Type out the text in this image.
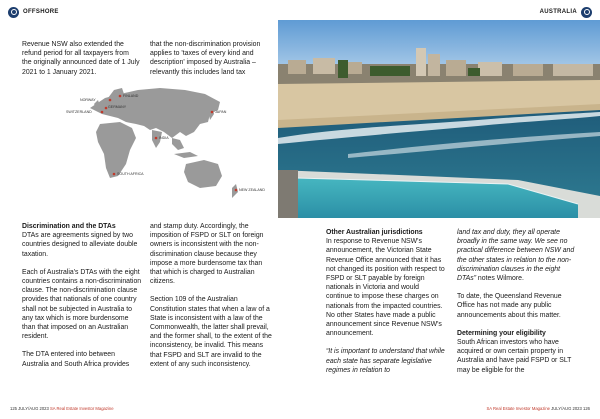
OFFSHORE	AUSTRALIA

Revenue NSW also extended the refund period for all taxpayers from the originally announced date of 1 July 2021 to 1 January 2021.

that the non-discrimination provision applies to 'taxes of every kind and description' imposed by Australia – relevantly this includes land tax

NORWAY
FINLAND
GERMANY
SWITZERLAND	JAPAN
INDIA
SOUTH AFRICA
NEW ZEALAND

Discrimination and the DTAs
DTAs are agreements signed by two countries designed to alleviate double taxation.

Each of Australia's DTAs with the eight countries contains a non-discrimination clause. The non-discrimination clause provides that nationals of one country shall not be subjected in Australia to any tax which is more burdensome than that imposed on an Australian resident.

The DTA entered into between Australia and South Africa provides

and stamp duty. Accordingly, the imposition of FSPD or SLT on foreign owners is inconsistent with the non-discrimination clause because they impose a more burdensome tax than that which is charged to Australian citizens.

Section 109 of the Australian Constitution states that when a law of a State is inconsistent with a law of the Commonwealth, the latter shall prevail, and the former shall, to the extent of the inconsistency, be invalid. This means that FSPD and SLT are invalid to the extent of any such inconsistency.

Other Australian jurisdictions
In response to Revenue NSW's announcement, the Victorian State Revenue Office announced that it has not changed its position with respect to FSPD or SLT payable by foreign nationals in Victoria and would continue to impose these charges on nationals from the impacted countries. No other States have made a public announcement since Revenue NSW's announcement.

“It is important to understand that while each state has separate legislative regimes in relation to

land tax and duty, they all operate broadly in the same way. We see no practical difference between NSW and the other states in relation to the non-discrimination clauses in the eight DTAs” notes Wilmore.

To date, the Queensland Revenue Office has not made any public announcements about this matter.

Determining your eligibility
South African investors who have acquired or own certain property in Australia and have paid FSPD or SLT may be eligible for the

125 JULY/AUG 2023 SA Real Estate Investor Magazine	SA Real Estate Investor Magazine JULY/AUG 2023 126
